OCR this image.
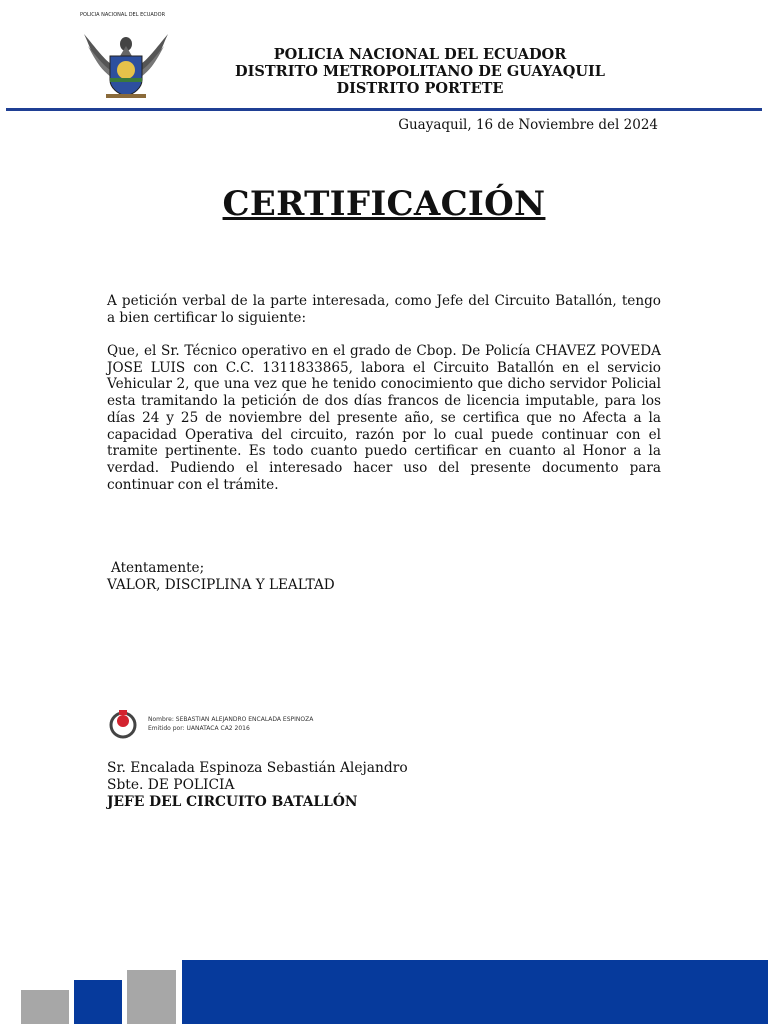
POLICIA NACIONAL DEL ECUADOR
POLICIA NACIONAL DEL ECUADOR
DISTRITO METROPOLITANO DE GUAYAQUIL
DISTRITO PORTETE
Guayaquil, 16 de Noviembre del 2024
CERTIFICACIÓN

A petición verbal de la parte interesada, como Jefe del Circuito Batallón, tengo a bien certificar lo siguiente:

Que, el Sr. Técnico operativo en el grado de Cbop. De Policía CHAVEZ POVEDA JOSE LUIS con C.C. 1311833865, labora el Circuito Batallón en el servicio Vehicular 2, que una vez que he tenido conocimiento que dicho servidor Policial esta tramitando la petición de dos días francos de licencia imputable, para los días 24 y 25 de noviembre del presente año, se certifica que no Afecta a la capacidad Operativa del circuito, razón por lo cual puede continuar con el tramite pertinente. Es todo cuanto puedo certificar en cuanto al Honor a la verdad. Pudiendo el interesado hacer uso del presente documento para continuar con el trámite.

Atentamente;
VALOR, DISCIPLINA Y LEALTAD
Nombre: SEBASTIAN ALEJANDRO ENCALADA ESPINOZA
Emitido por: UANATACA CA2 2016
Sr. Encalada Espinoza Sebastián Alejandro
Sbte. DE POLICIA
JEFE DEL CIRCUITO BATALLÓN
